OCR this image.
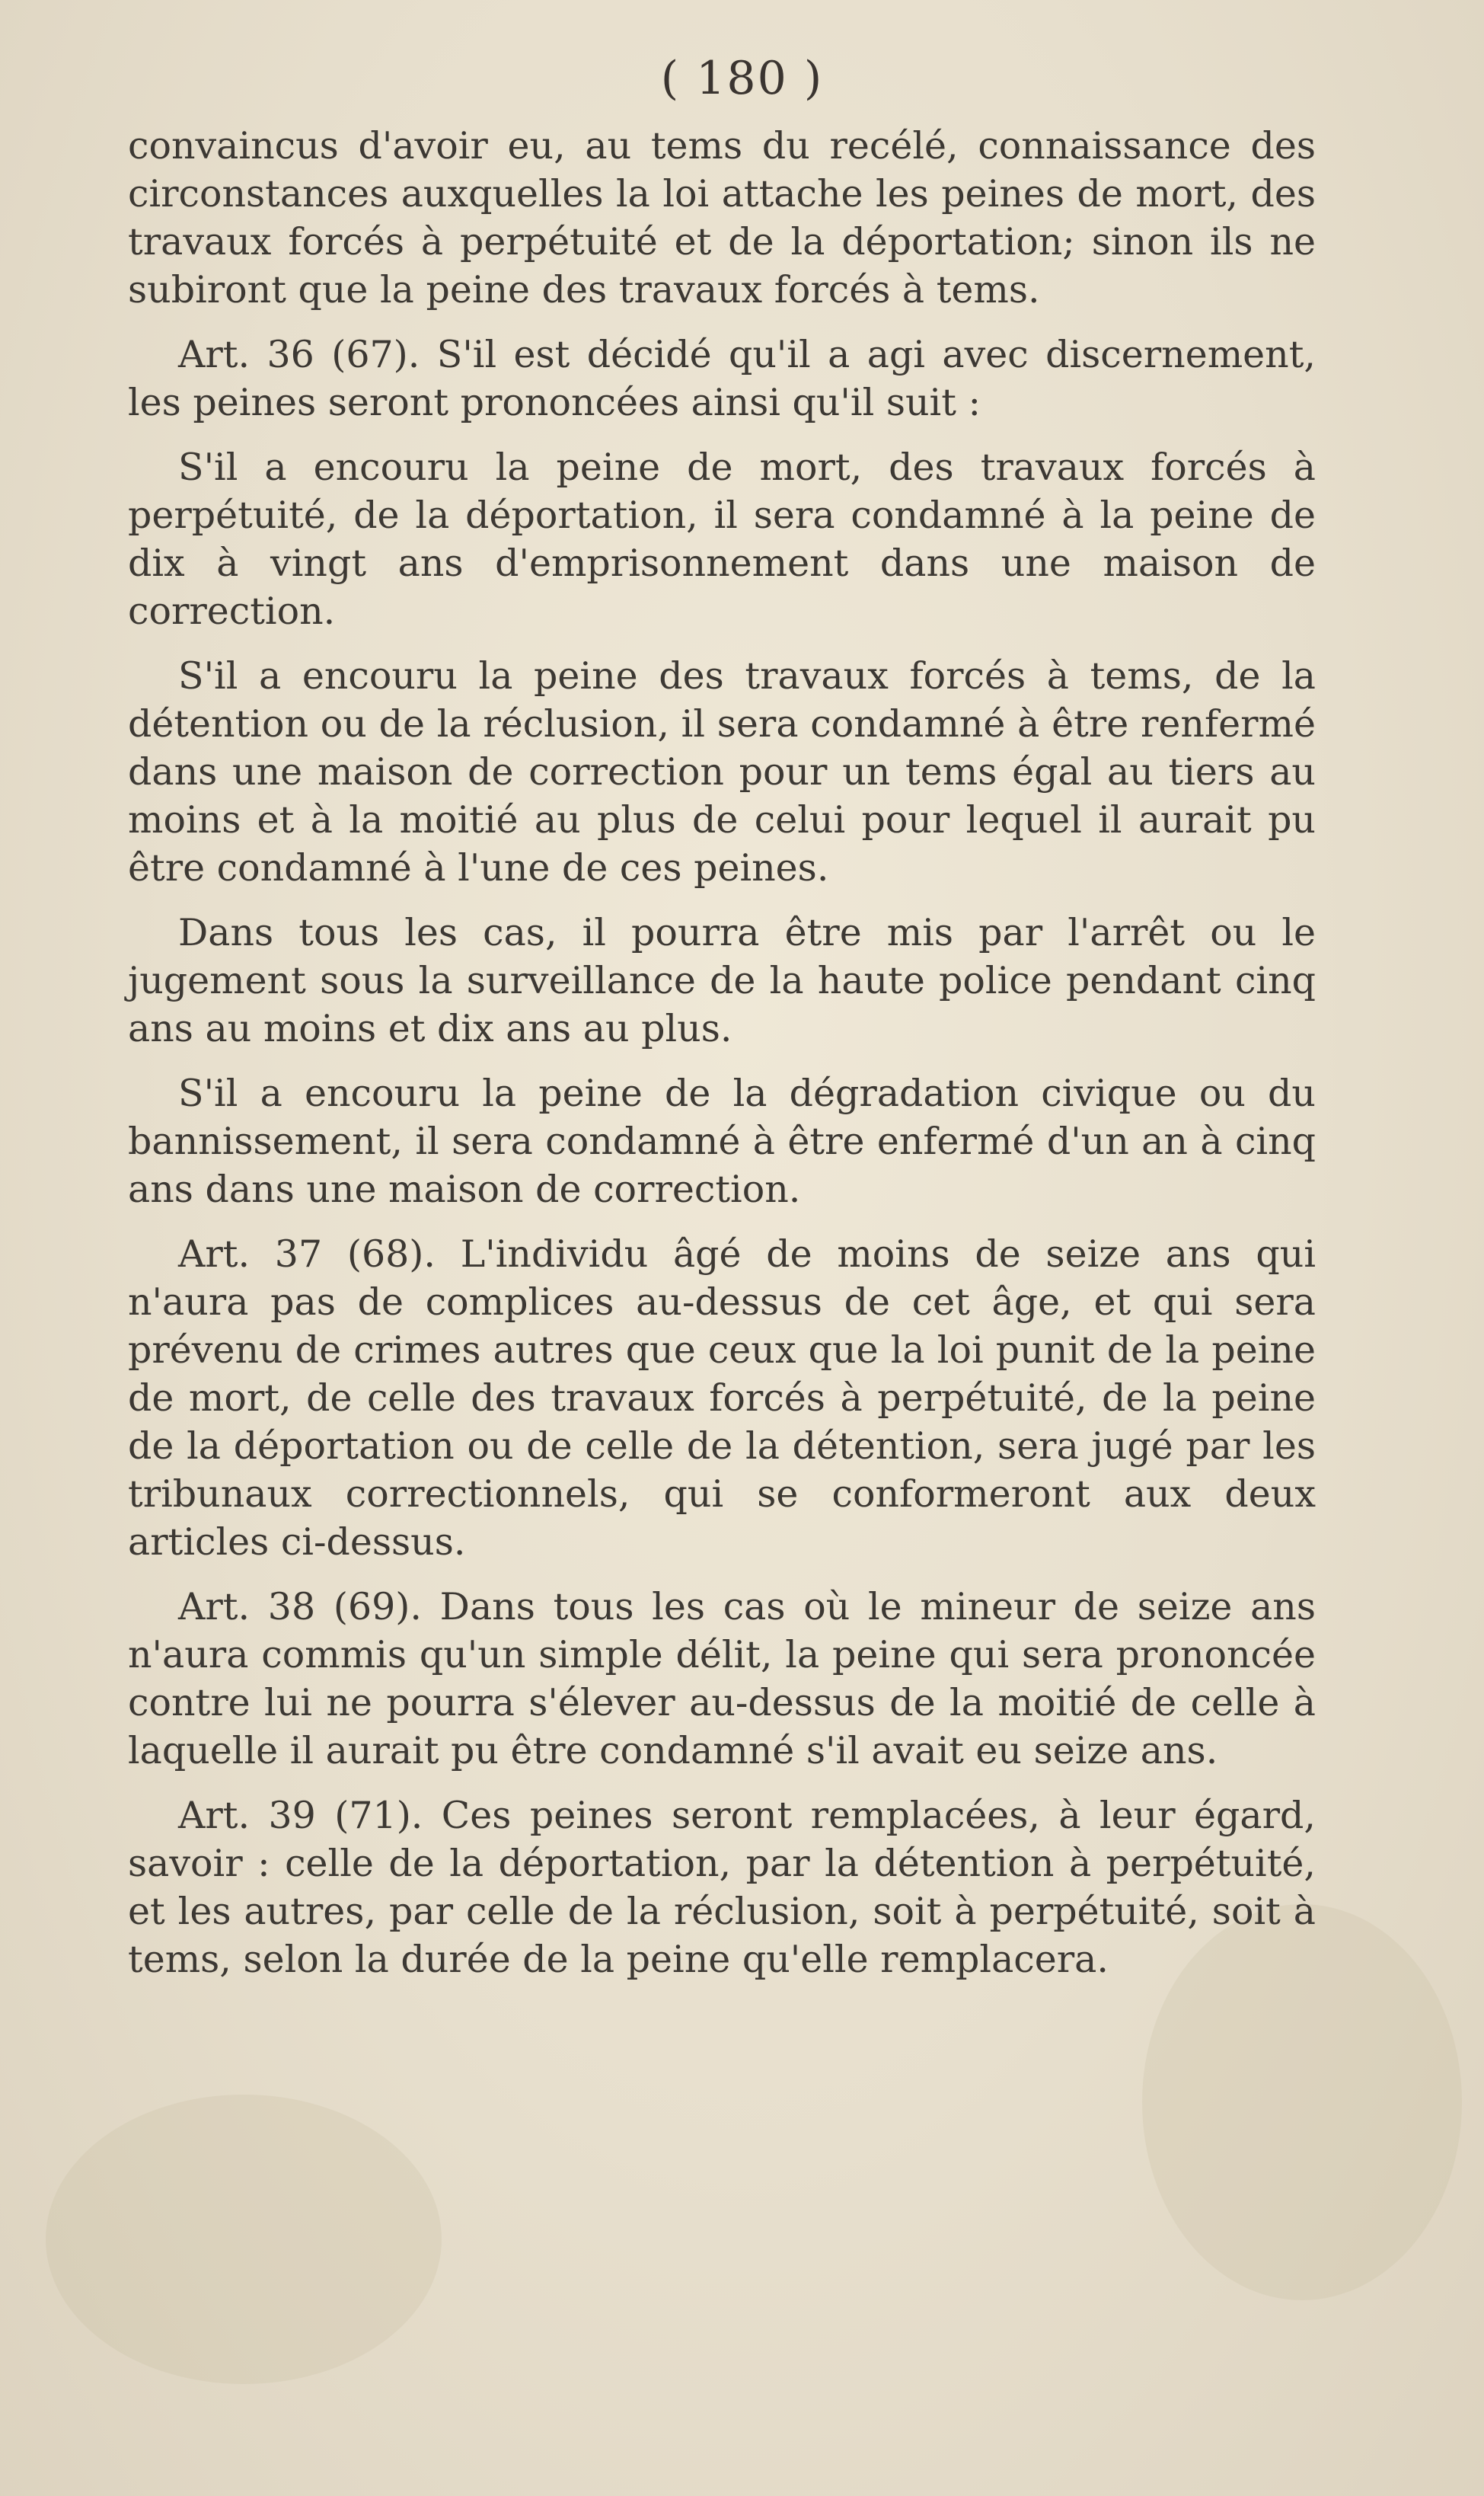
( 180 )

convaincus d'avoir eu, au tems du recélé, connaissance des circonstances auxquelles la loi attache les peines de mort, des travaux forcés à perpétuité et de la déportation; sinon ils ne subiront que la peine des travaux forcés à tems.

Art. 36 (67). S'il est décidé qu'il a agi avec discernement, les peines seront prononcées ainsi qu'il suit :

S'il a encouru la peine de mort, des travaux forcés à perpétuité, de la déportation, il sera condamné à la peine de dix à vingt ans d'emprisonnement dans une maison de correction.

S'il a encouru la peine des travaux forcés à tems, de la détention ou de la réclusion, il sera condamné à être renfermé dans une maison de correction pour un tems égal au tiers au moins et à la moitié au plus de celui pour lequel il aurait pu être condamné à l'une de ces peines.

Dans tous les cas, il pourra être mis par l'arrêt ou le jugement sous la surveillance de la haute police pendant cinq ans au moins et dix ans au plus.

S'il a encouru la peine de la dégradation civique ou du bannissement, il sera condamné à être enfermé d'un an à cinq ans dans une maison de correction.

Art. 37 (68). L'individu âgé de moins de seize ans qui n'aura pas de complices au-dessus de cet âge, et qui sera prévenu de crimes autres que ceux que la loi punit de la peine de mort, de celle des travaux forcés à perpétuité, de la peine de la déportation ou de celle de la détention, sera jugé par les tribunaux correctionnels, qui se conformeront aux deux articles ci-dessus.

Art. 38 (69). Dans tous les cas où le mineur de seize ans n'aura commis qu'un simple délit, la peine qui sera prononcée contre lui ne pourra s'élever au-dessus de la moitié de celle à laquelle il aurait pu être condamné s'il avait eu seize ans.

Art. 39 (71). Ces peines seront remplacées, à leur égard, savoir : celle de la déportation, par la détention à perpétuité, et les autres, par celle de la réclusion, soit à perpétuité, soit à tems, selon la durée de la peine qu'elle remplacera.
